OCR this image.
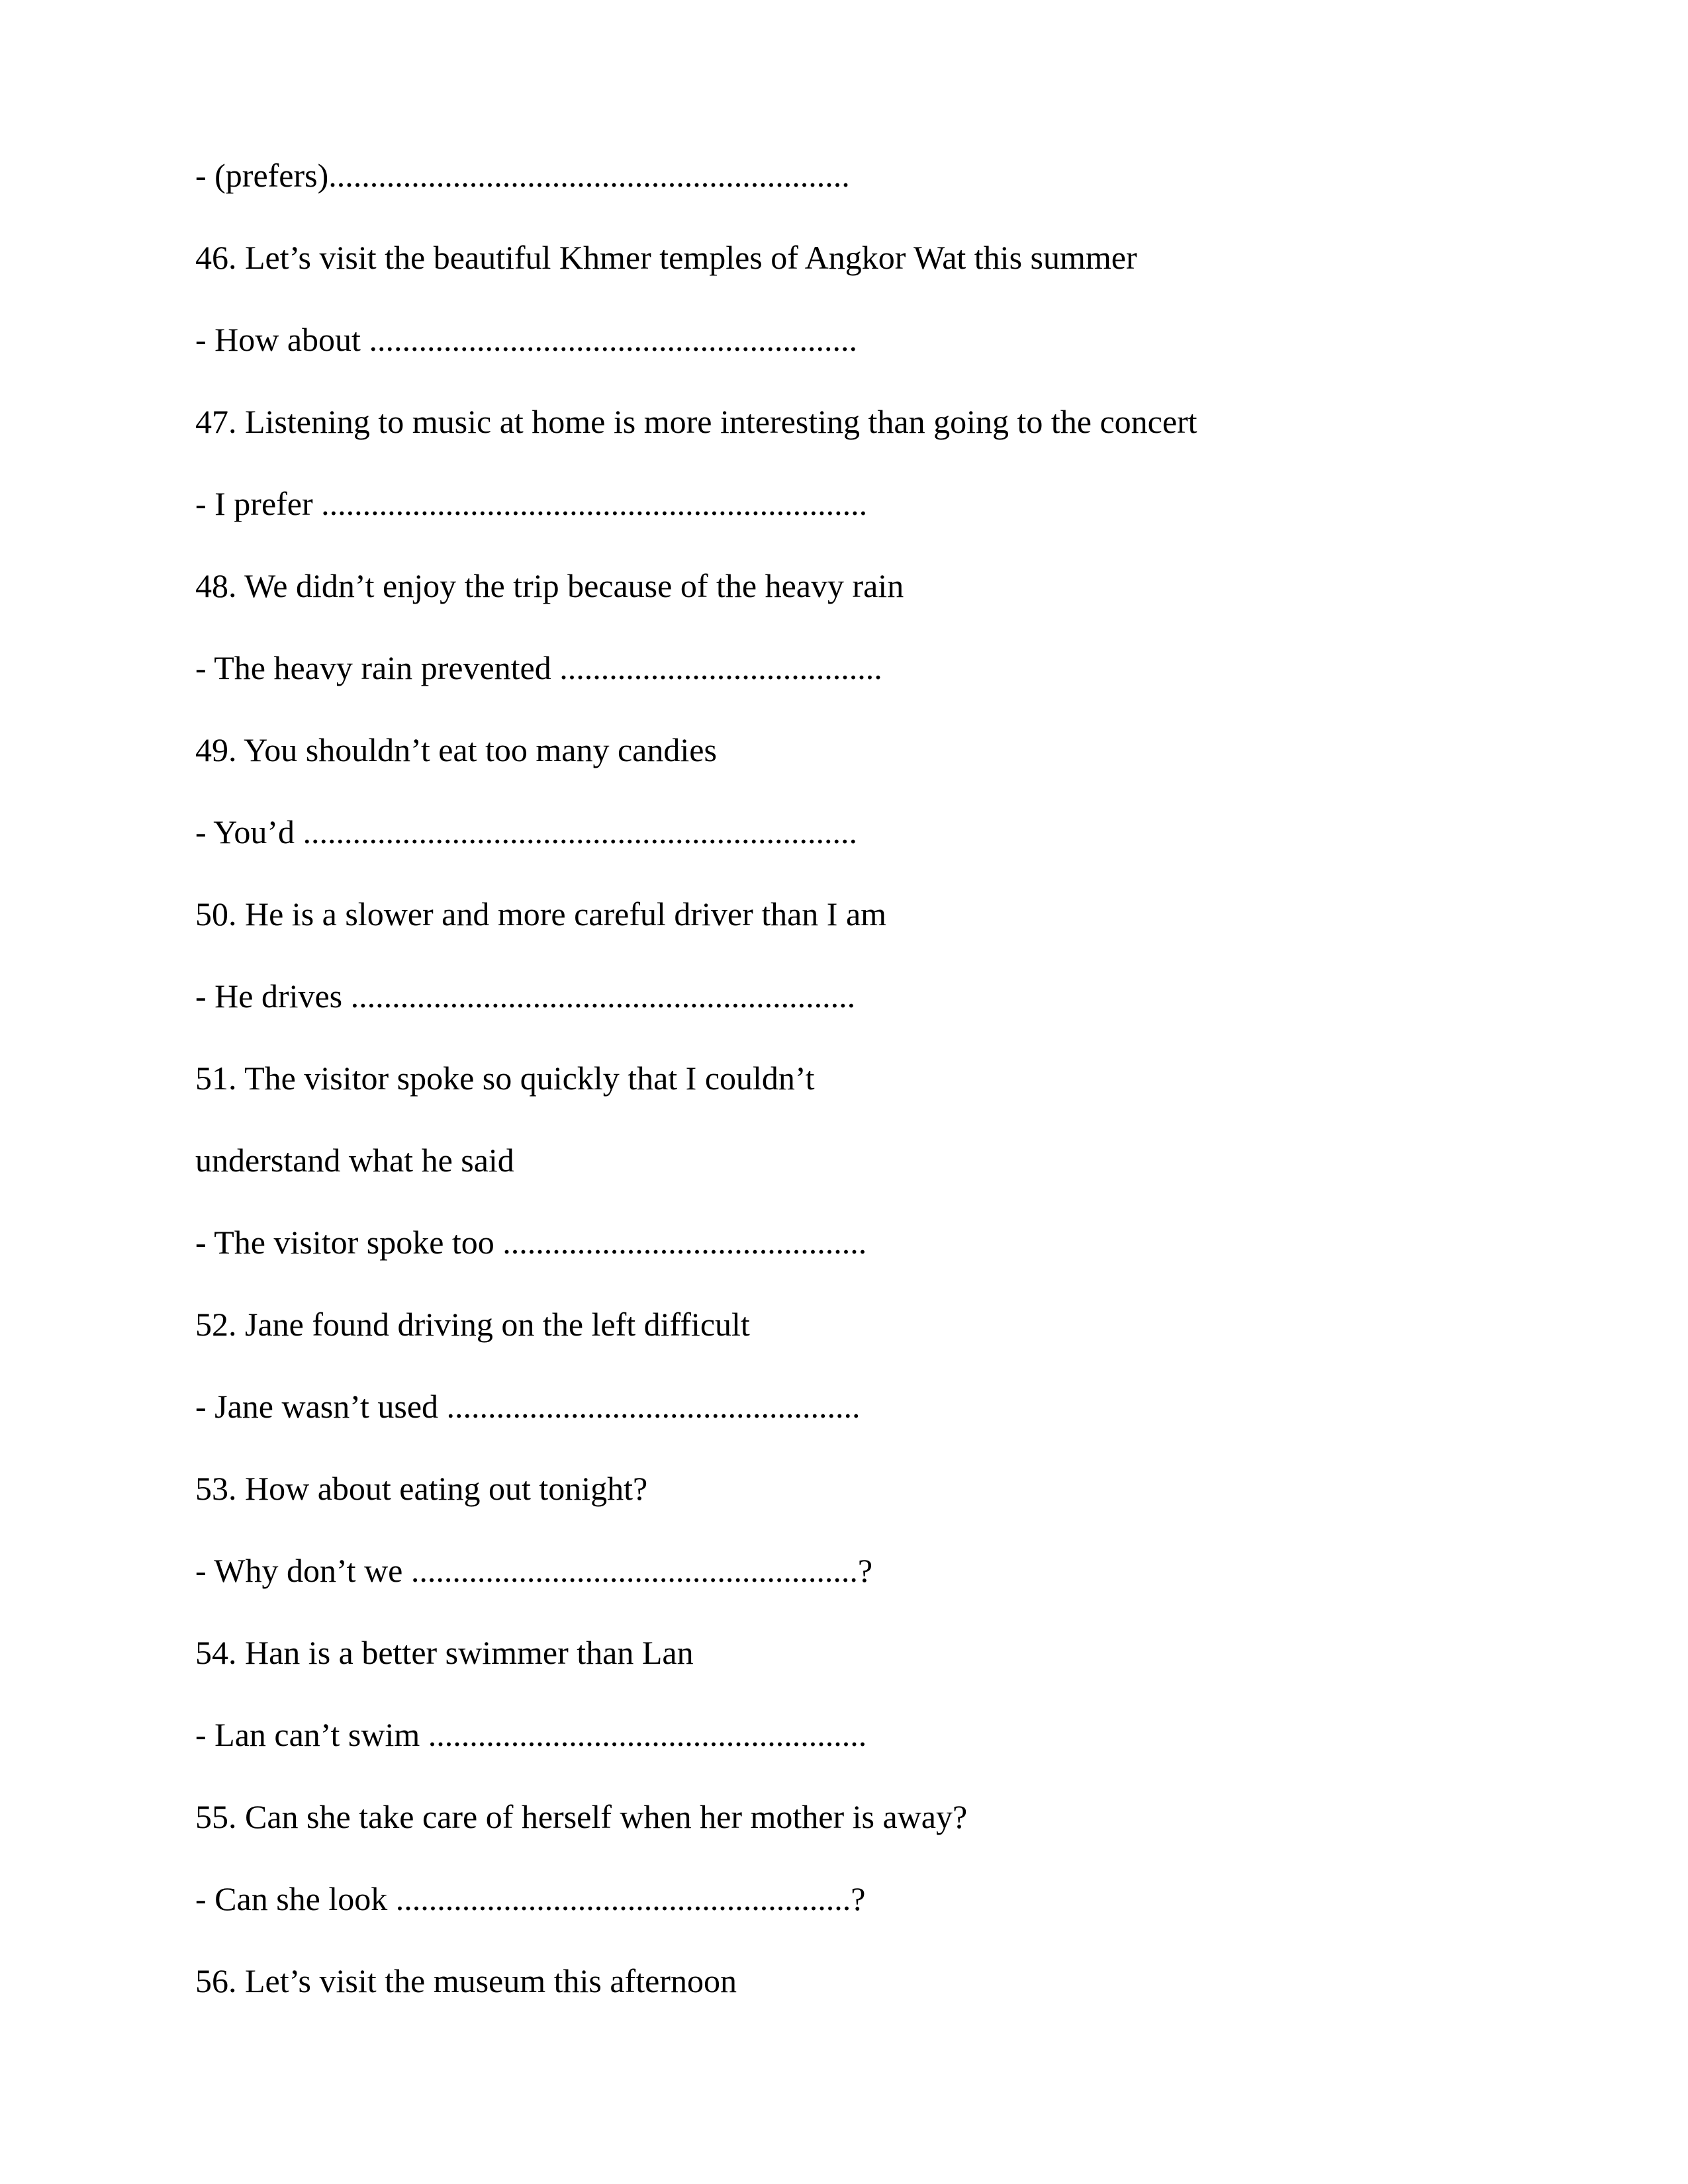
- (prefers)...............................................................

46. Let’s visit the beautiful Khmer temples of Angkor Wat this summer

- How about ...........................................................

47. Listening to music at home is more interesting than going to the concert

- I prefer ..................................................................

48. We didn’t enjoy the trip because of the heavy rain

- The heavy rain prevented .......................................

49. You shouldn’t eat too many candies

- You’d ...................................................................

50. He is a slower and more careful driver than I am

- He drives .............................................................

51. The visitor spoke so quickly that I couldn’t

understand what he said

- The visitor spoke too ............................................

52. Jane found driving on the left difficult

- Jane wasn’t used ..................................................

53. How about eating out tonight?

- Why don’t we ......................................................?

54. Han is a better swimmer than Lan

- Lan can’t swim .....................................................

55. Can she take care of herself when her mother is away?

- Can she look .......................................................?

56. Let’s visit the museum this afternoon
